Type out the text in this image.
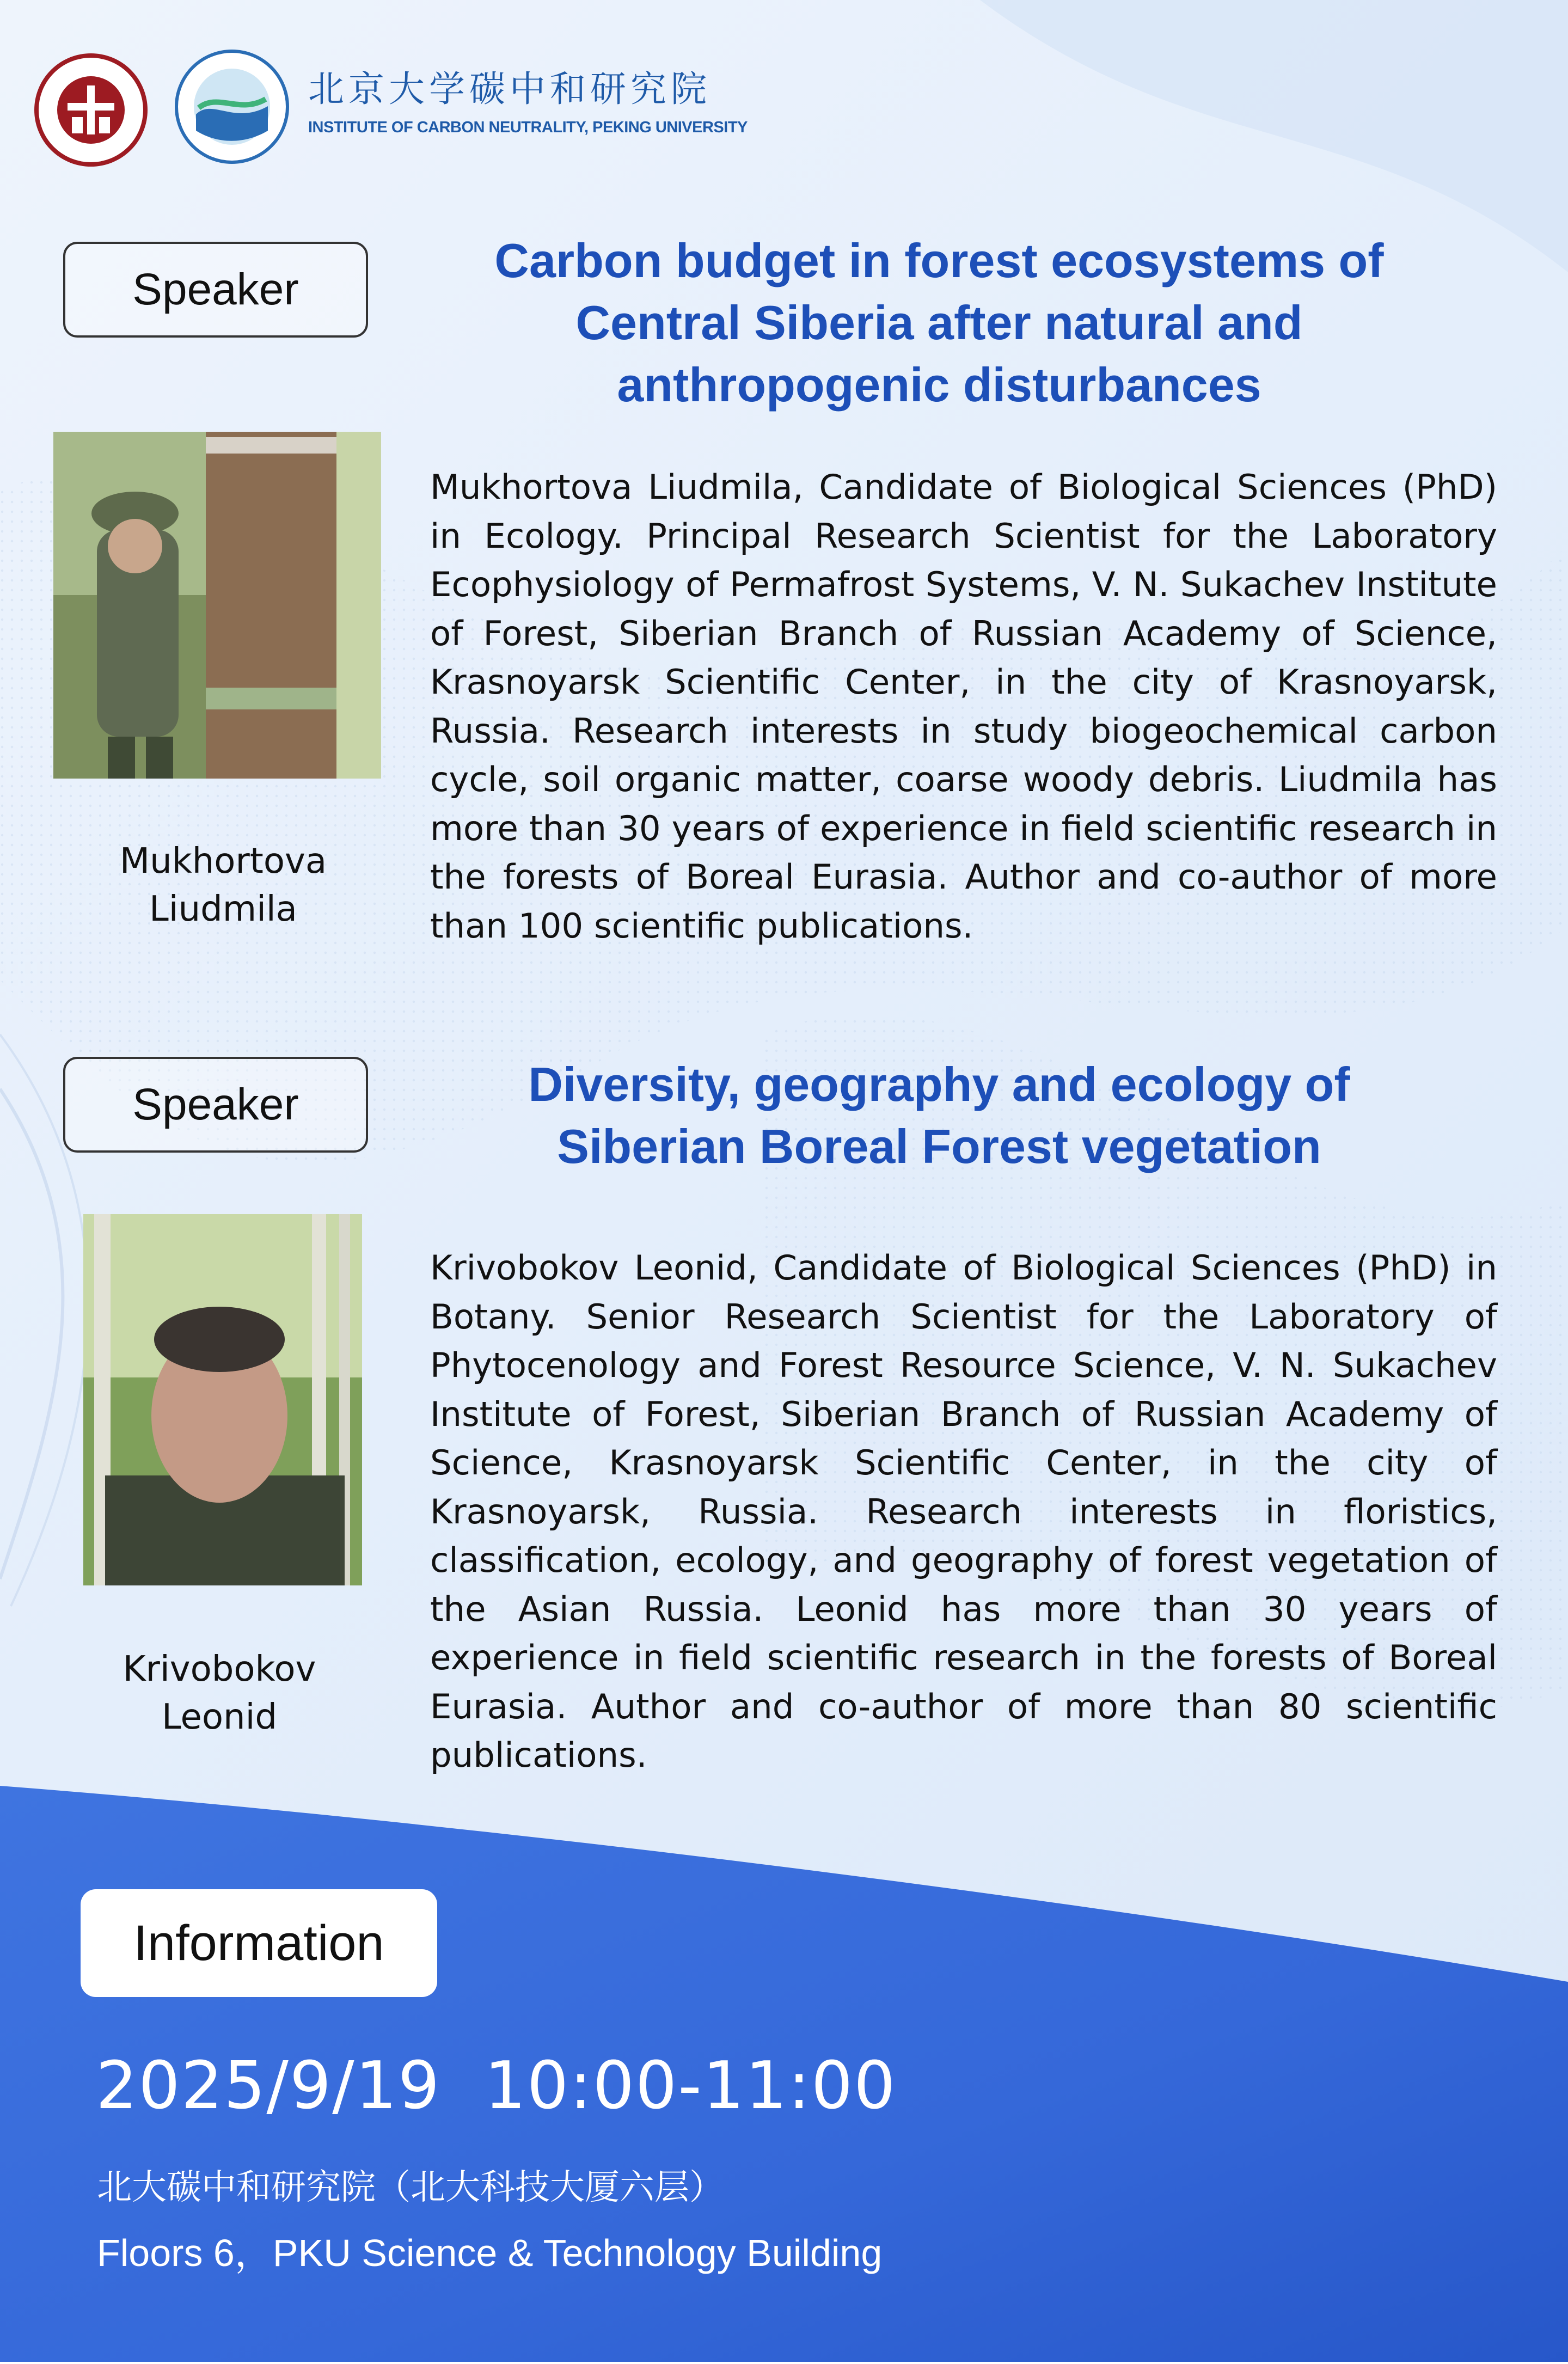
北京大学碳中和研究院
INSTITUTE OF CARBON NEUTRALITY, PEKING UNIVERSITY
Speaker
Carbon budget in forest ecosystems of Central Siberia after natural and anthropogenic disturbances
Mukhortova
Liudmila
Mukhortova Liudmila, Candidate of Biological Sciences (PhD) in Ecology. Principal Research Scientist for the Laboratory Ecophysiology of Permafrost Systems, V. N. Sukachev Institute of Forest, Siberian Branch of Russian Academy of Science, Krasnoyarsk Scientific Center, in the city of Krasnoyarsk, Russia. Research interests in study biogeochemical carbon cycle, soil organic matter, coarse woody debris. Liudmila has more than 30 years of experience in field scientific research in the forests of Boreal Eurasia. Author and co-author of more than 100 scientific publications.
Speaker	Diversity, geography and ecology of Siberian Boreal Forest vegetation
Krivobokov
Leonid
Krivobokov Leonid, Candidate of Biological Sciences (PhD) in Botany. Senior Research Scientist for the Laboratory of Phytocenology and Forest Resource Science, V. N. Sukachev Institute of Forest, Siberian Branch of Russian Academy of Science, Krasnoyarsk Scientific Center, in the city of Krasnoyarsk, Russia. Research interests in floristics, classification, ecology, and geography of forest vegetation of the Asian Russia. Leonid has more than 30 years of experience in field scientific research in the forests of Boreal Eurasia. Author and co-author of more than 80 scientific publications.
Information
2025/9/19  10:00-11:00
北大碳中和研究院（北大科技大厦六层）
Floors 6，PKU Science & Technology Building
